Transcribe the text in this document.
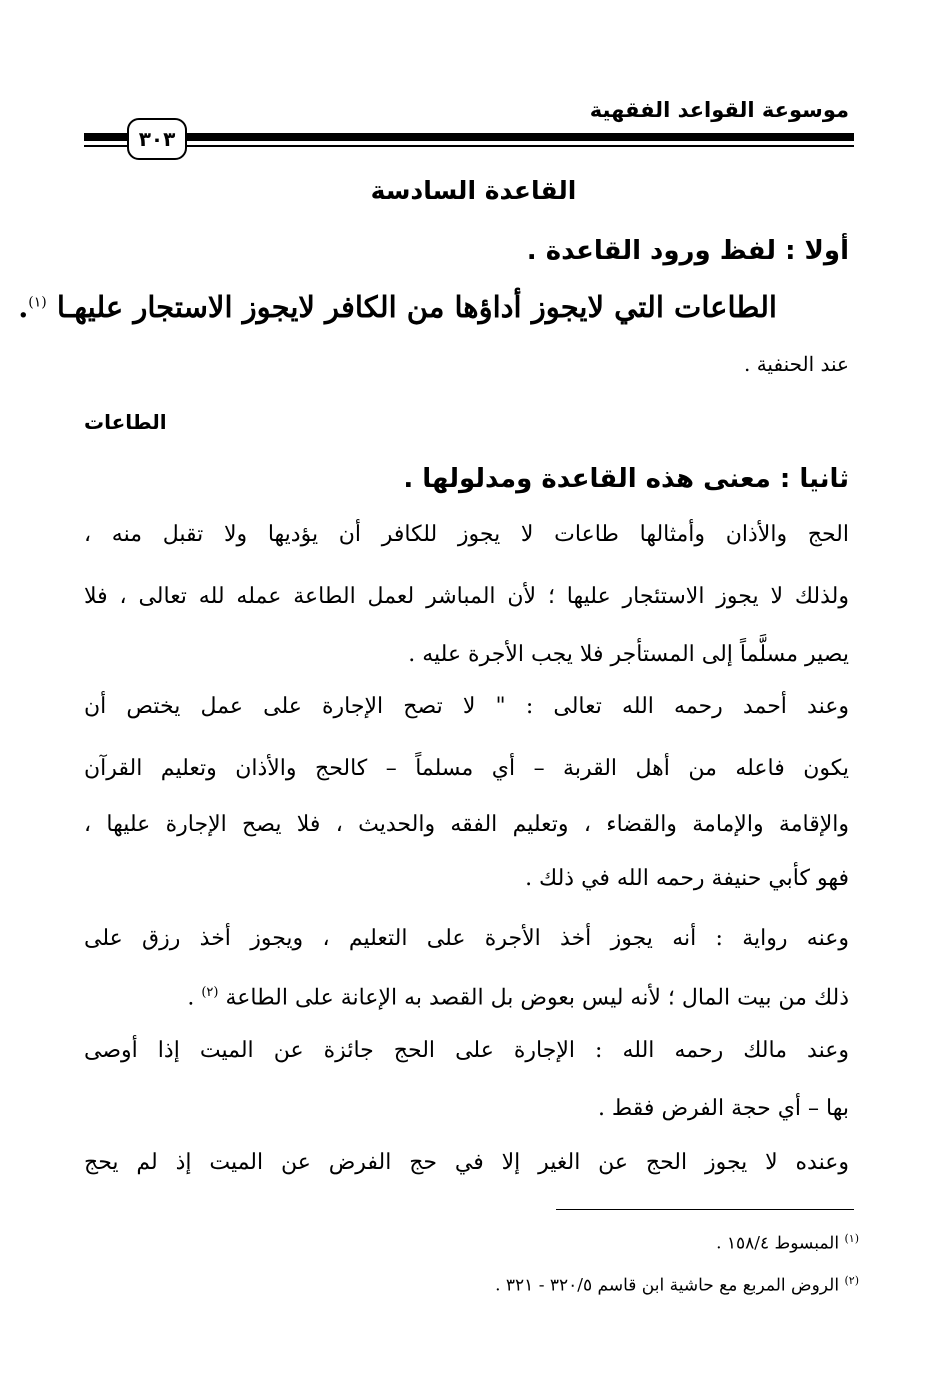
موسوعة القواعد الفقهية
٣٠٣
القاعدة السادسة
أولا : لفظ ورود القاعدة .
الطاعات التي لايجوز أداؤها من الكافر لايجوز الاستجار عليهـا $^{(١)}$.
عند الحنفية .
الطاعات
ثانيا : معنى هذه القاعدة ومدلولها .
الحج والأذان وأمثالها طاعات لا يجوز للكافر أن يؤديها ولا تقبل منه ،
ولذلك لا يجوز الاستئجار عليها ؛ لأن المباشر لعمل الطاعة عمله لله تعالى ، فلا
يصير مسلَّماً إلى المستأجر فلا يجب الأجرة عليه .
وعند أحمد رحمه الله تعالى : " لا تصح الإجارة على عمل يختص أن
يكون فاعله من أهل القربة – أي مسلماً – كالحج والأذان وتعليم القرآن
والإقامة والإمامة والقضاء ، وتعليم الفقه والحديث ، فلا يصح الإجارة عليها ،
فهو كأبي حنيفة رحمه الله في ذلك .
وعنه رواية : أنه يجوز أخذ الأجرة على التعليم ، ويجوز أخذ رزق على
ذلك من بيت المال ؛ لأنه ليس بعوض بل القصد به الإعانة على الطاعة $^{(٢)}$ .
وعند مالك رحمه الله : الإجارة على الحج جائزة عن الميت إذا أوصى
بها – أي حجة الفرض فقط .
وعنده لا يجوز الحج عن الغير إلا في حج الفرض عن الميت إذ لم يحج
$^{(١)}$ المبسوط ١٥٨/٤ .
$^{(٢)}$ الروض المربع مع حاشية ابن قاسم ٣٢٠/٥ - ٣٢١ .
